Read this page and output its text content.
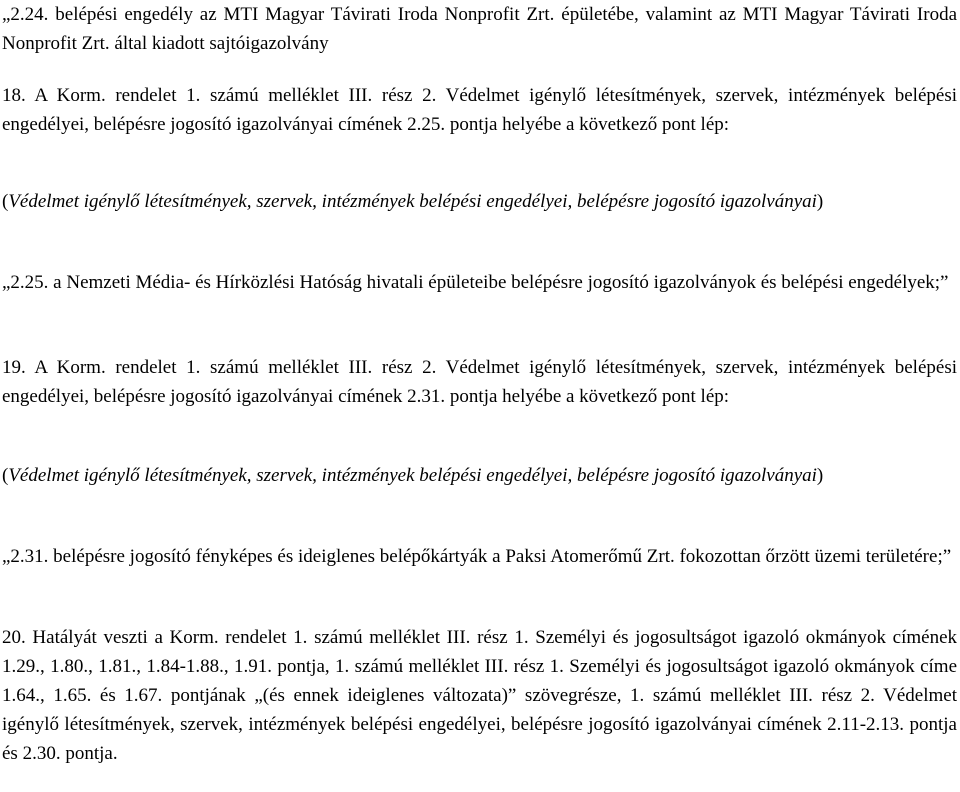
„2.24. belépési engedély az MTI Magyar Távirati Iroda Nonprofit Zrt. épületébe, valamint az MTI Magyar Távirati Iroda Nonprofit Zrt. által kiadott sajtóigazolvány

18. A Korm. rendelet 1. számú melléklet III. rész 2. Védelmet igénylő létesítmények, szervek, intézmények belépési engedélyei, belépésre jogosító igazolványai címének 2.25. pontja helyébe a következő pont lép:

(Védelmet igénylő létesítmények, szervek, intézmények belépési engedélyei, belépésre jogosító igazolványai)

„2.25. a Nemzeti Média- és Hírközlési Hatóság hivatali épületeibe belépésre jogosító igazolványok és belépési engedélyek;”

19. A Korm. rendelet 1. számú melléklet III. rész 2. Védelmet igénylő létesítmények, szervek, intézmények belépési engedélyei, belépésre jogosító igazolványai címének 2.31. pontja helyébe a következő pont lép:

(Védelmet igénylő létesítmények, szervek, intézmények belépési engedélyei, belépésre jogosító igazolványai)

„2.31. belépésre jogosító fényképes és ideiglenes belépőkártyák a Paksi Atomerőmű Zrt. fokozottan őrzött üzemi területére;”

20. Hatályát veszti a Korm. rendelet 1. számú melléklet III. rész 1. Személyi és jogosultságot igazoló okmányok címének 1.29., 1.80., 1.81., 1.84-1.88., 1.91. pontja, 1. számú melléklet III. rész 1. Személyi és jogosultságot igazoló okmányok címe 1.64., 1.65. és 1.67. pontjának „(és ennek ideiglenes változata)” szövegrésze, 1. számú melléklet III. rész 2. Védelmet igénylő létesítmények, szervek, intézmények belépési engedélyei, belépésre jogosító igazolványai címének 2.11-2.13. pontja és 2.30. pontja.
